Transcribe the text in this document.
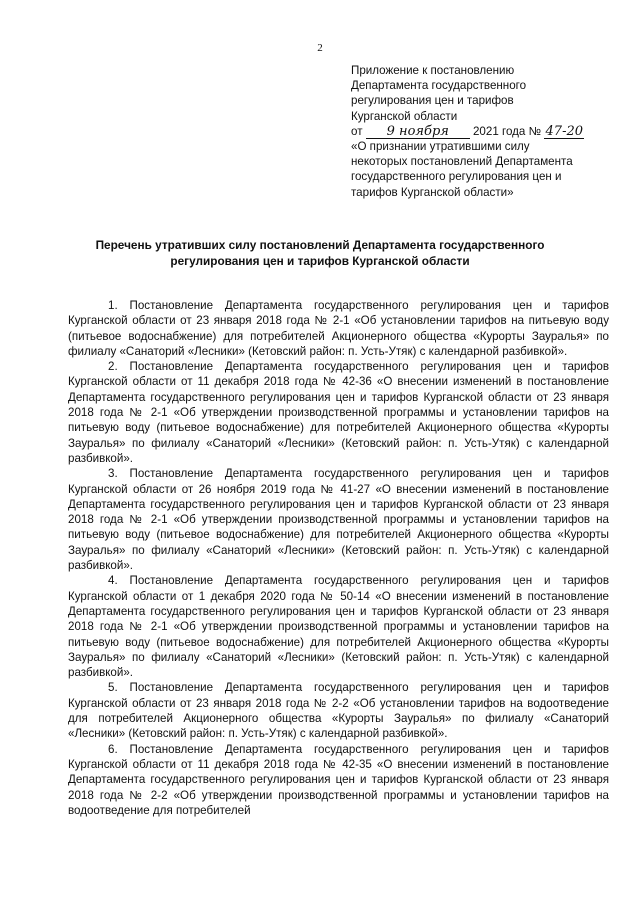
2
Приложение к постановлению
Департамента государственного
регулирования цен и тарифов
Курганской области
от 9 ноября 2021 года № 47-20
«О признании утратившими силу
некоторых постановлений Департамента
государственного регулирования цен и
тарифов Курганской области»
Перечень утративших силу постановлений Департамента государственного
регулирования цен и тарифов Курганской области

1. Постановление Департамента государственного регулирования цен и тарифов Курганской области от 23 января 2018 года № 2-1 «Об установлении тарифов на питьевую воду (питьевое водоснабжение) для потребителей Акционерного общества «Курорты Зауралья» по филиалу «Санаторий «Лесники» (Кетовский район: п. Усть-Утяк) с календарной разбивкой».

2. Постановление Департамента государственного регулирования цен и тарифов Курганской области от 11 декабря 2018 года № 42-36 «О внесении изменений в постановление Департамента государственного регулирования цен и тарифов Курганской области от 23 января 2018 года № 2-1 «Об утверждении производственной программы и установлении тарифов на питьевую воду (питьевое водоснабжение) для потребителей Акционерного общества «Курорты Зауралья» по филиалу «Санаторий «Лесники» (Кетовский район: п. Усть-Утяк) с календарной разбивкой».

3. Постановление Департамента государственного регулирования цен и тарифов Курганской области от 26 ноября 2019 года № 41-27 «О внесении изменений в постановление Департамента государственного регулирования цен и тарифов Курганской области от 23 января 2018 года № 2-1 «Об утверждении производственной программы и установлении тарифов на питьевую воду (питьевое водоснабжение) для потребителей Акционерного общества «Курорты Зауралья» по филиалу «Санаторий «Лесники» (Кетовский район: п. Усть-Утяк) с календарной разбивкой».

4. Постановление Департамента государственного регулирования цен и тарифов Курганской области от 1 декабря 2020 года № 50-14 «О внесении изменений в постановление Департамента государственного регулирования цен и тарифов Курганской области от 23 января 2018 года № 2-1 «Об утверждении производственной программы и установлении тарифов на питьевую воду (питьевое водоснабжение) для потребителей Акционерного общества «Курорты Зауралья» по филиалу «Санаторий «Лесники» (Кетовский район: п. Усть-Утяк) с календарной разбивкой».

5. Постановление Департамента государственного регулирования цен и тарифов Курганской области от 23 января 2018 года № 2-2 «Об установлении тарифов на водоотведение для потребителей Акционерного общества «Курорты Зауралья» по филиалу «Санаторий «Лесники» (Кетовский район: п. Усть-Утяк) с календарной разбивкой».

6. Постановление Департамента государственного регулирования цен и тарифов Курганской области от 11 декабря 2018 года № 42-35 «О внесении изменений в постановление Департамента государственного регулирования цен и тарифов Курганской области от 23 января 2018 года № 2-2 «Об утверждении производственной программы и установлении тарифов на водоотведение для потребителей
